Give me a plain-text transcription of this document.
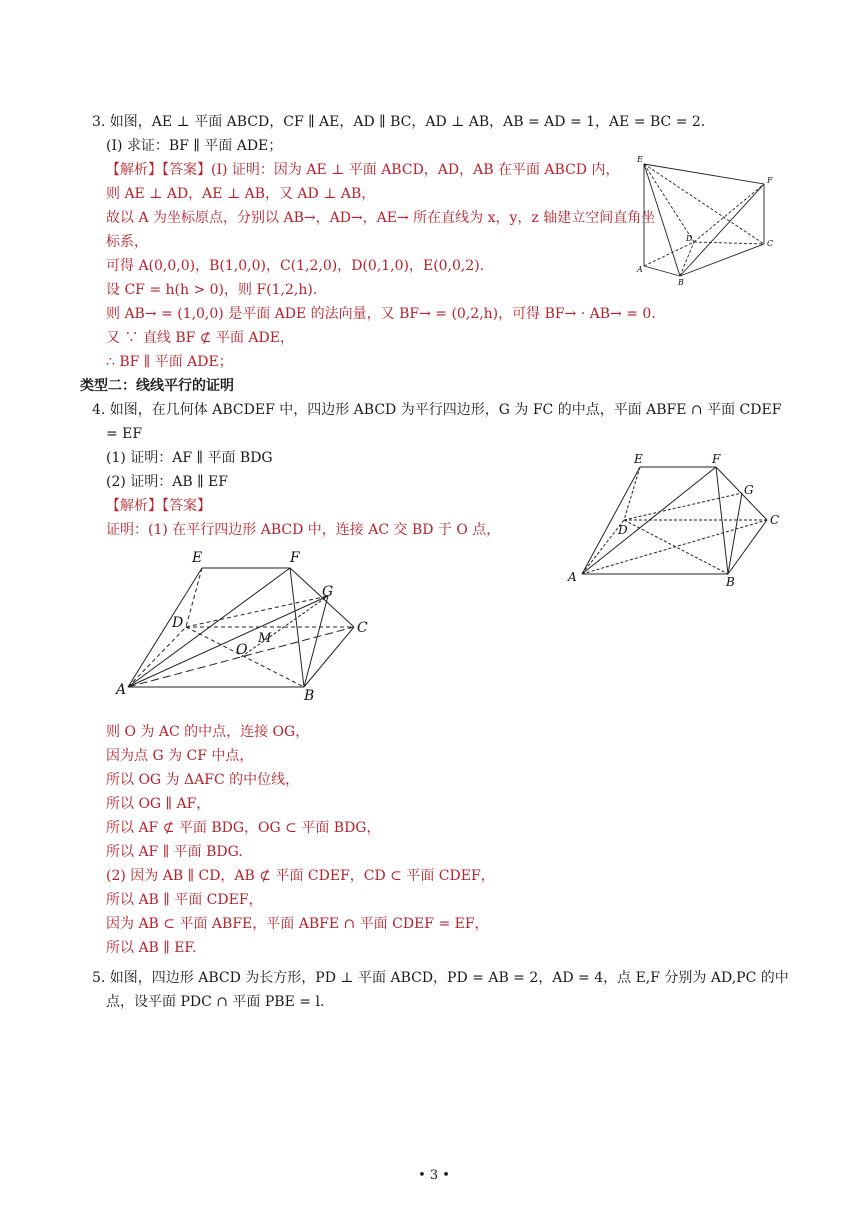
3. 如图，AE ⊥ 平面 ABCD，CF ∥ AE，AD ∥ BC，AD ⊥ AB，AB = AD = 1，AE = BC = 2.
(Ⅰ) 求证：BF ∥ 平面 ADE；
【解析】【答案】(Ⅰ) 证明：因为 AE ⊥ 平面 ABCD，AD，AB 在平面 ABCD 内，
则 AE ⊥ AD，AE ⊥ AB，又 AD ⊥ AB，
故以 A 为坐标原点，分别以 AB→，AD→，AE→ 所在直线为 x，y，z 轴建立空间直角坐
标系，
可得 A(0,0,0)，B(1,0,0)，C(1,2,0)，D(0,1,0)，E(0,0,2).
设 CF = h(h > 0)，则 F(1,2,h).
则 AB→ = (1,0,0) 是平面 ADE 的法向量，又 BF→ = (0,2,h)，可得 BF→ · AB→ = 0.
又 ∵ 直线 BF ⊄ 平面 ADE，
∴ BF ∥ 平面 ADE；
E
F
D
C
A
B
类型二：线线平行的证明
4. 如图，在几何体 ABCDEF 中，四边形 ABCD 为平行四边形，G 为 FC 的中点，平面 ABFE ∩ 平面 CDEF
= EF
(1) 证明：AF ∥ 平面 BDG
(2) 证明：AB ∥ EF
【解析】【答案】
证明：(1) 在平行四边形 ABCD 中，连接 AC 交 BD 于 O 点，
E	F
G
C
D
A	B
E	F
G
C
D
M
O
A	B
则 O 为 AC 的中点，连接 OG，
因为点 G 为 CF 中点，
所以 OG 为 ΔAFC 的中位线，
所以 OG ∥ AF，
所以 AF ⊄ 平面 BDG，OG ⊂ 平面 BDG，
所以 AF ∥ 平面 BDG.
(2) 因为 AB ∥ CD，AB ⊄ 平面 CDEF，CD ⊂ 平面 CDEF，
所以 AB ∥ 平面 CDEF，
因为 AB ⊂ 平面 ABFE，平面 ABFE ∩ 平面 CDEF = EF，
所以 AB ∥ EF.
5. 如图，四边形 ABCD 为长方形，PD ⊥ 平面 ABCD，PD = AB = 2，AD = 4，点 E,F 分别为 AD,PC 的中
点，设平面 PDC ∩ 平面 PBE = l.
• 3 •
